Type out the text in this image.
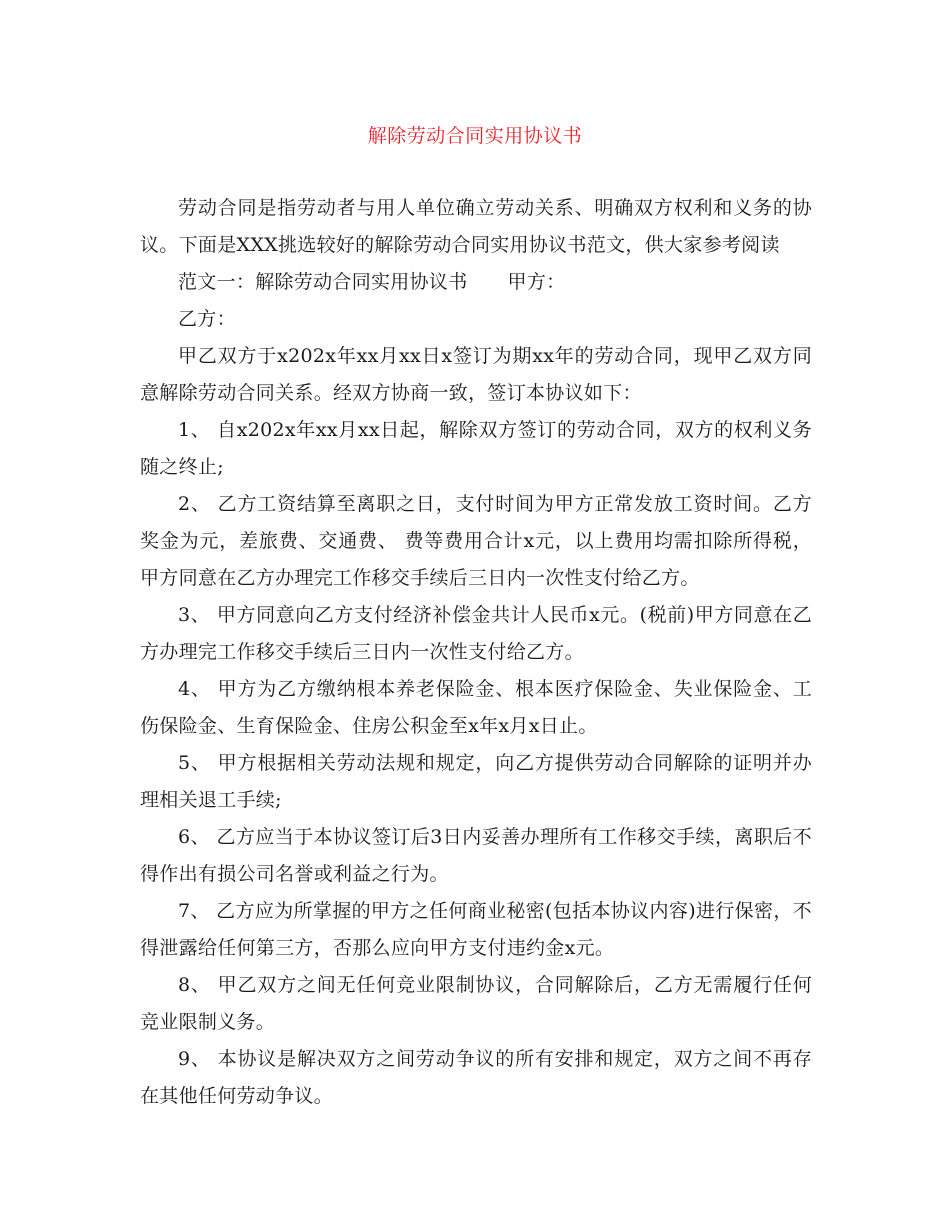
解除劳动合同实用协议书

劳动合同是指劳动者与用人单位确立劳动关系、明确双方权利和义务的协议。下面是XXX挑选较好的解除劳动合同实用协议书范文，供大家参考阅读

范文一：解除劳动合同实用协议书 甲方：

乙方：

甲乙双方于x202x年xx月xx日x签订为期xx年的劳动合同，现甲乙双方同意解除劳动合同关系。经双方协商一致，签订本协议如下：

1、 自x202x年xx月xx日起，解除双方签订的劳动合同，双方的权利义务随之终止;

2、 乙方工资结算至离职之日，支付时间为甲方正常发放工资时间。乙方奖金为元，差旅费、交通费、 费等费用合计x元，以上费用均需扣除所得税，甲方同意在乙方办理完工作移交手续后三日内一次性支付给乙方。

3、 甲方同意向乙方支付经济补偿金共计人民币x元。(税前)甲方同意在乙方办理完工作移交手续后三日内一次性支付给乙方。

4、 甲方为乙方缴纳根本养老保险金、根本医疗保险金、失业保险金、工伤保险金、生育保险金、住房公积金至x年x月x日止。

5、 甲方根据相关劳动法规和规定，向乙方提供劳动合同解除的证明并办理相关退工手续;

6、 乙方应当于本协议签订后3日内妥善办理所有工作移交手续，离职后不得作出有损公司名誉或利益之行为。

7、 乙方应为所掌握的甲方之任何商业秘密(包括本协议内容)进行保密，不得泄露给任何第三方，否那么应向甲方支付违约金x元。

8、 甲乙双方之间无任何竞业限制协议，合同解除后，乙方无需履行任何竞业限制义务。

9、 本协议是解决双方之间劳动争议的所有安排和规定，双方之间不再存在其他任何劳动争议。
